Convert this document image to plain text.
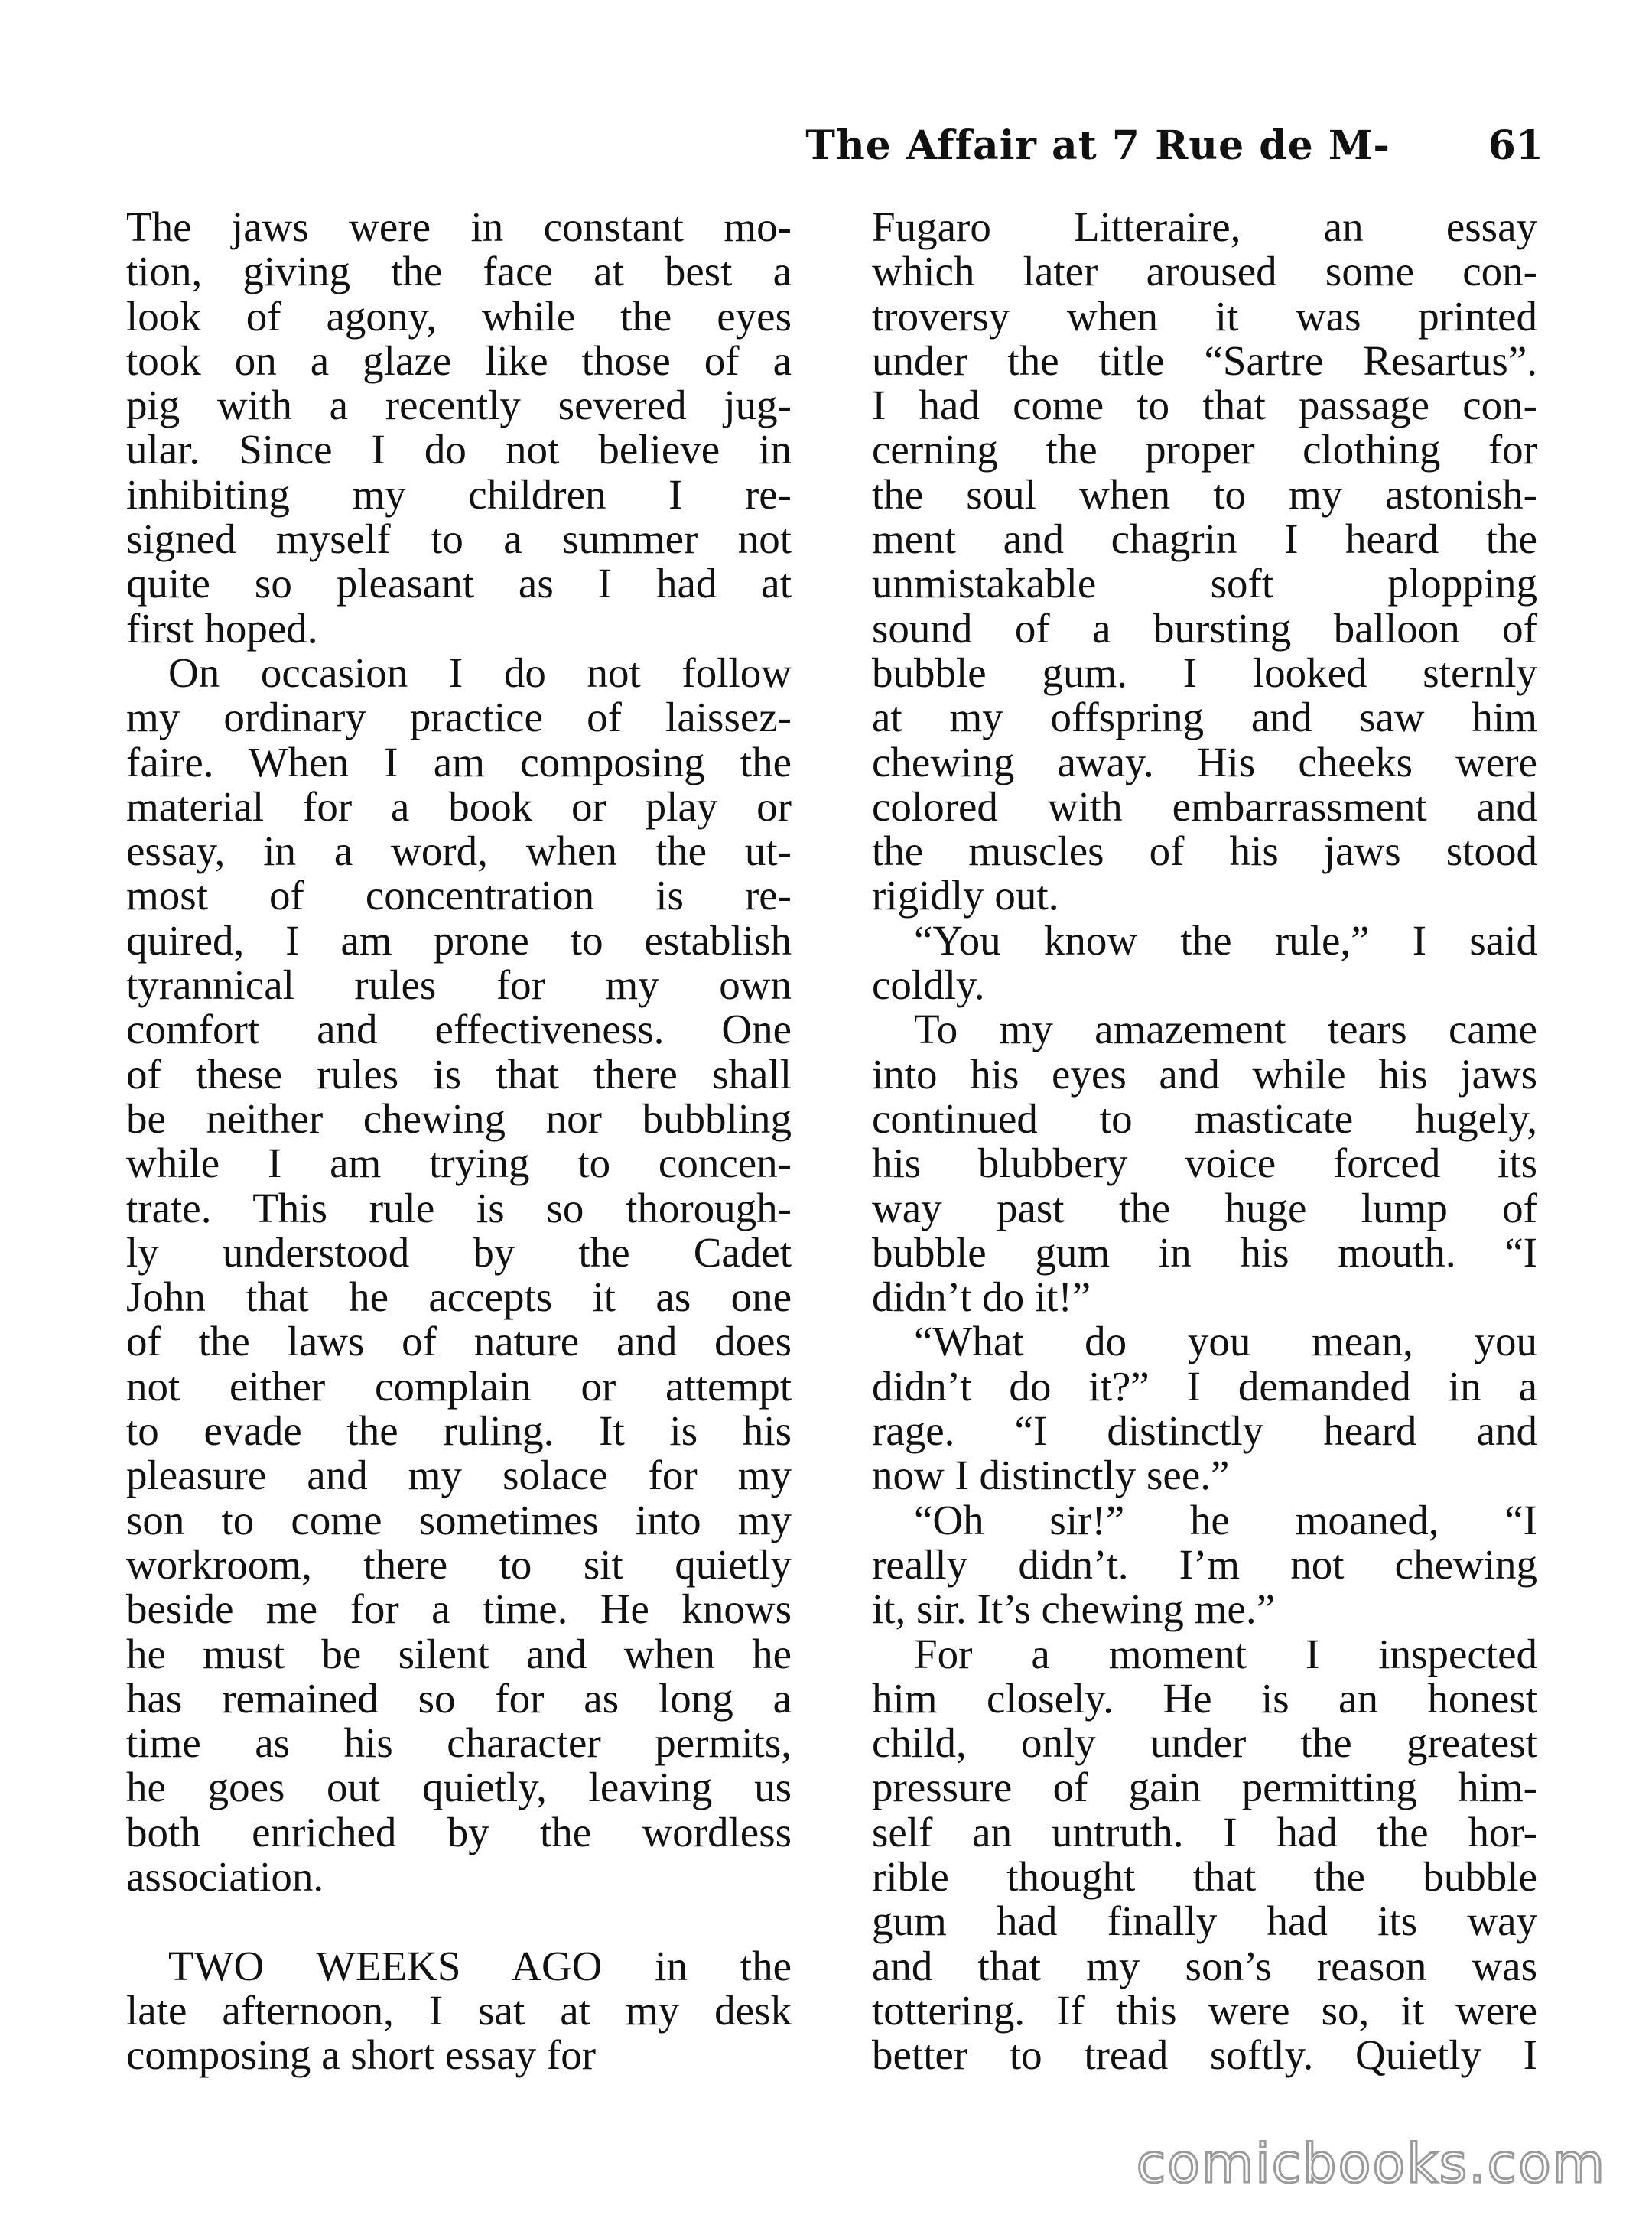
The Affair at 7 Rue de M- 61
The jaws were in constant mo-
tion, giving the face at best a
look of agony, while the eyes
took on a glaze like those of a
pig with a recently severed jug-
ular. Since I do not believe in
inhibiting my children I re-
signed myself to a summer not
quite so pleasant as I had at
first hoped.
On occasion I do not follow
my ordinary practice of laissez-
faire. When I am composing the
material for a book or play or
essay, in a word, when the ut-
most of concentration is re-
quired, I am prone to establish
tyrannical rules for my own
comfort and effectiveness. One
of these rules is that there shall
be neither chewing nor bubbling
while I am trying to concen-
trate. This rule is so thorough-
ly understood by the Cadet
John that he accepts it as one
of the laws of nature and does
not either complain or attempt
to evade the ruling. It is his
pleasure and my solace for my
son to come sometimes into my
workroom, there to sit quietly
beside me for a time. He knows
he must be silent and when he
has remained so for as long a
time as his character permits,
he goes out quietly, leaving us
both enriched by the wordless
association.
TWO WEEKS AGO in the
late afternoon, I sat at my desk
composing a short essay for
Fugaro Litteraire, an essay
which later aroused some con-
troversy when it was printed
under the title “Sartre Resartus”.
I had come to that passage con-
cerning the proper clothing for
the soul when to my astonish-
ment and chagrin I heard the
unmistakable soft plopping
sound of a bursting balloon of
bubble gum. I looked sternly
at my offspring and saw him
chewing away. His cheeks were
colored with embarrassment and
the muscles of his jaws stood
rigidly out.
“You know the rule,” I said
coldly.
To my amazement tears came
into his eyes and while his jaws
continued to masticate hugely,
his blubbery voice forced its
way past the huge lump of
bubble gum in his mouth. “I
didn’t do it!”
“What do you mean, you
didn’t do it?” I demanded in a
rage. “I distinctly heard and
now I distinctly see.”
“Oh sir!” he moaned, “I
really didn’t. I’m not chewing
it, sir. It’s chewing me.”
For a moment I inspected
him closely. He is an honest
child, only under the greatest
pressure of gain permitting him-
self an untruth. I had the hor-
rible thought that the bubble
gum had finally had its way
and that my son’s reason was
tottering. If this were so, it were
better to tread softly. Quietly I
comicbooks.com
